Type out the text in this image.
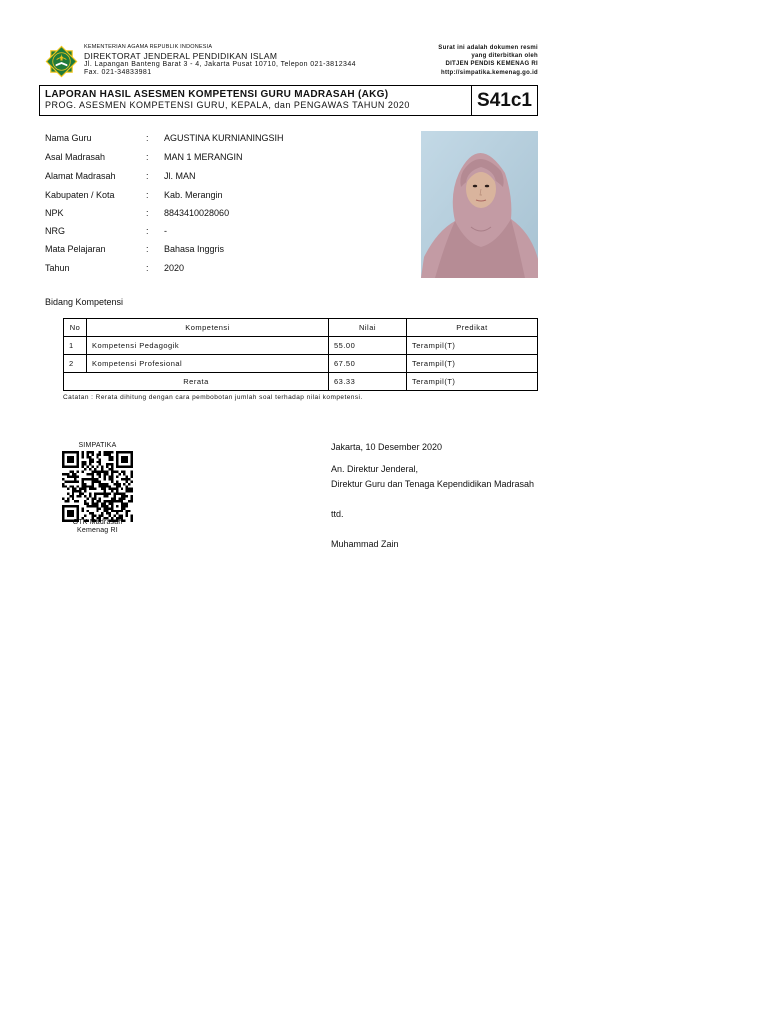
KEMENTERIAN AGAMA REPUBLIK INDONESIA
DIREKTORAT JENDERAL PENDIDIKAN ISLAM
Jl. Lapangan Banteng Barat 3 - 4, Jakarta Pusat 10710, Telepon 021-3812344
Fax. 021-34833981
Surat ini adalah dokumen resmi
yang diterbitkan oleh
DITJEN PENDIS KEMENAG RI
http://simpatika.kemenag.go.id
LAPORAN HASIL ASESMEN KOMPETENSI GURU MADRASAH (AKG)
PROG. ASESMEN KOMPETENSI GURU, KEPALA, dan PENGAWAS TAHUN 2020	S41c1
Nama Guru	: AGUSTINA KURNIANINGSIH
Asal Madrasah	: MAN 1 MERANGIN
Alamat Madrasah	: Jl. MAN
Kabupaten / Kota	: Kab. Merangin
NPK	: 8843410028060
NRG	: -
Mata Pelajaran	: Bahasa Inggris
Tahun	: 2020
Bidang Kompetensi
No	Kompetensi	Nilai	Predikat
1	Kompetensi Pedagogik	55.00	Terampil(T)
2	Kompetensi Profesional	67.50	Terampil(T)
Rerata		63.33	Terampil(T)
Catatan : Rerata dihitung dengan cara pembobotan jumlah soal terhadap nilai kompetensi.
SIMPATIKA
GTK Madrasah
Kemenag RI
Jakarta, 10 Desember 2020
An. Direktur Jenderal,
Direktur Guru dan Tenaga Kependidikan Madrasah
ttd.
Muhammad Zain
